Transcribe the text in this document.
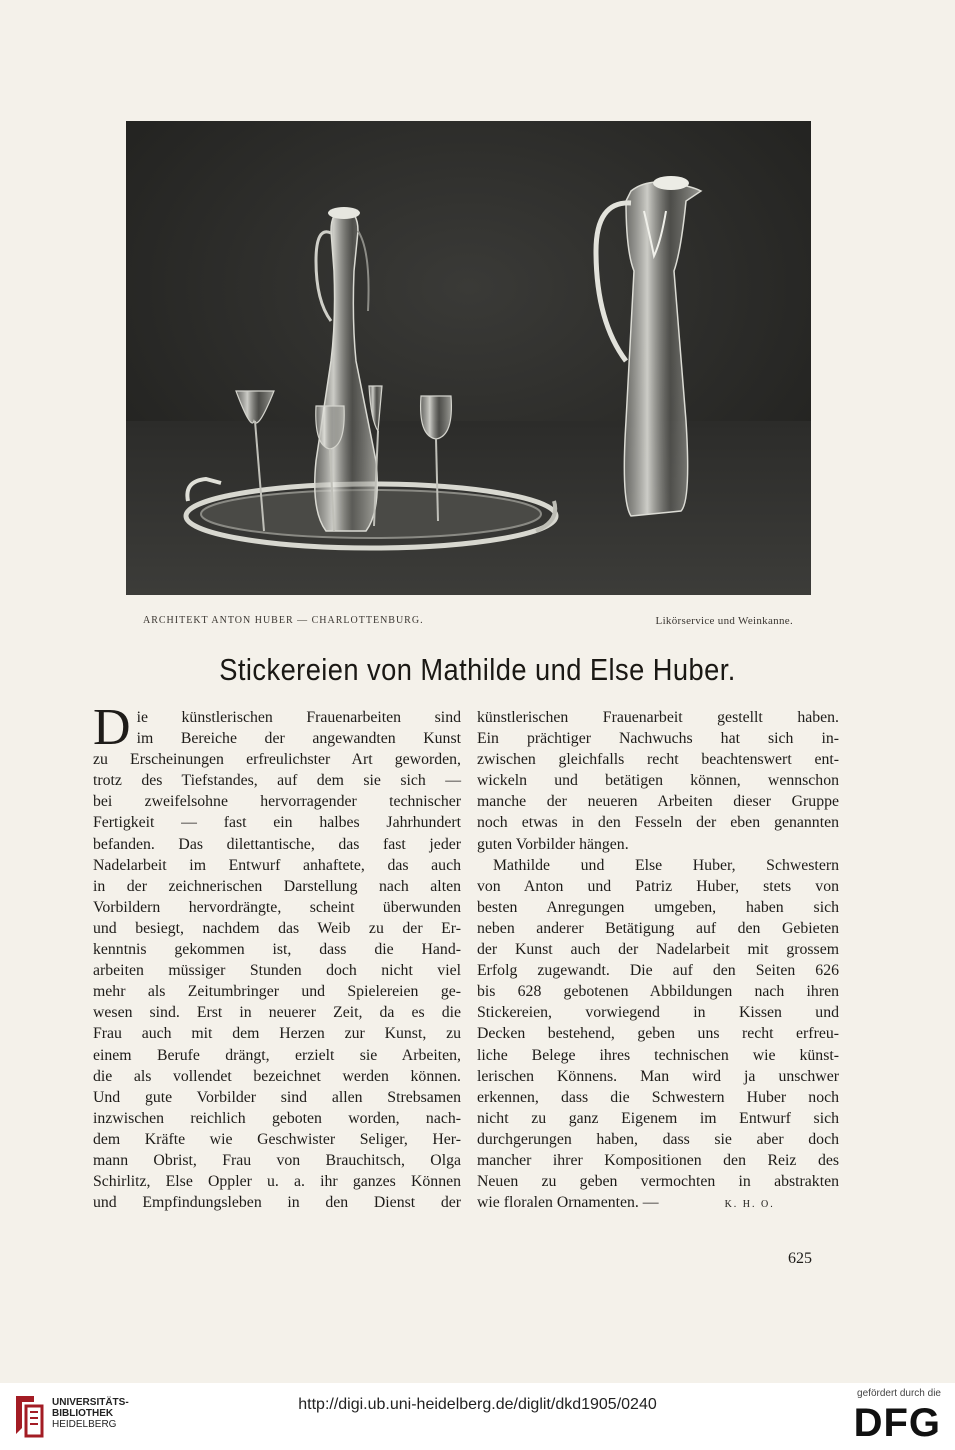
ARCHITEKT ANTON HUBER — CHARLOTTENBURG.	Likörservice und Weinkanne.
Stickereien von Mathilde und Else Huber.
D ie künstlerischen Frauenarbeiten sind
im Bereiche der angewandten Kunst
zu Erscheinungen erfreulichster Art geworden,
trotz des Tiefstandes, auf dem sie sich —
bei zweifelsohne hervorragender technischer
Fertigkeit — fast ein halbes Jahrhundert
befanden. Das dilettantische, das fast jeder
Nadelarbeit im Entwurf anhaftete, das auch
in der zeichnerischen Darstellung nach alten
Vorbildern hervordrängte, scheint überwunden
und besiegt, nachdem das Weib zu der Er-
kenntnis gekommen ist, dass die Hand-
arbeiten müssiger Stunden doch nicht viel
mehr als Zeitumbringer und Spielereien ge-
wesen sind. Erst in neuerer Zeit, da es die
Frau auch mit dem Herzen zur Kunst, zu
einem Berufe drängt, erzielt sie Arbeiten,
die als vollendet bezeichnet werden können.
Und gute Vorbilder sind allen Strebsamen
inzwischen reichlich geboten worden, nach-
dem Kräfte wie Geschwister Seliger, Her-
mann Obrist, Frau von Brauchitsch, Olga
Schirlitz, Else Oppler u. a. ihr ganzes Können
und Empfindungsleben in den Dienst der
künstlerischen Frauenarbeit gestellt haben.
Ein prächtiger Nachwuchs hat sich in-
zwischen gleichfalls recht beachtenswert ent-
wickeln und betätigen können, wennschon
manche der neueren Arbeiten dieser Gruppe
noch etwas in den Fesseln der eben genannten
guten Vorbilder hängen.
Mathilde und Else Huber, Schwestern
von Anton und Patriz Huber, stets von
besten Anregungen umgeben, haben sich
neben anderer Betätigung auf den Gebieten
der Kunst auch der Nadelarbeit mit grossem
Erfolg zugewandt. Die auf den Seiten 626
bis 628 gebotenen Abbildungen nach ihren
Stickereien, vorwiegend in Kissen und
Decken bestehend, geben uns recht erfreu-
liche Belege ihres technischen wie künst-
lerischen Könnens. Man wird ja unschwer
erkennen, dass die Schwestern Huber noch
nicht zu ganz Eigenem im Entwurf sich
durchgerungen haben, dass sie aber doch
mancher ihrer Kompositionen den Reiz des
Neuen zu geben vermochten in abstrakten
wie floralen Ornamenten. —	K. H. O.
625
UNIVERSITÄTS-
BIBLIOTHEK
HEIDELBERG
http://digi.ub.uni-heidelberg.de/diglit/dkd1905/0240
gefördert durch die
DFG
